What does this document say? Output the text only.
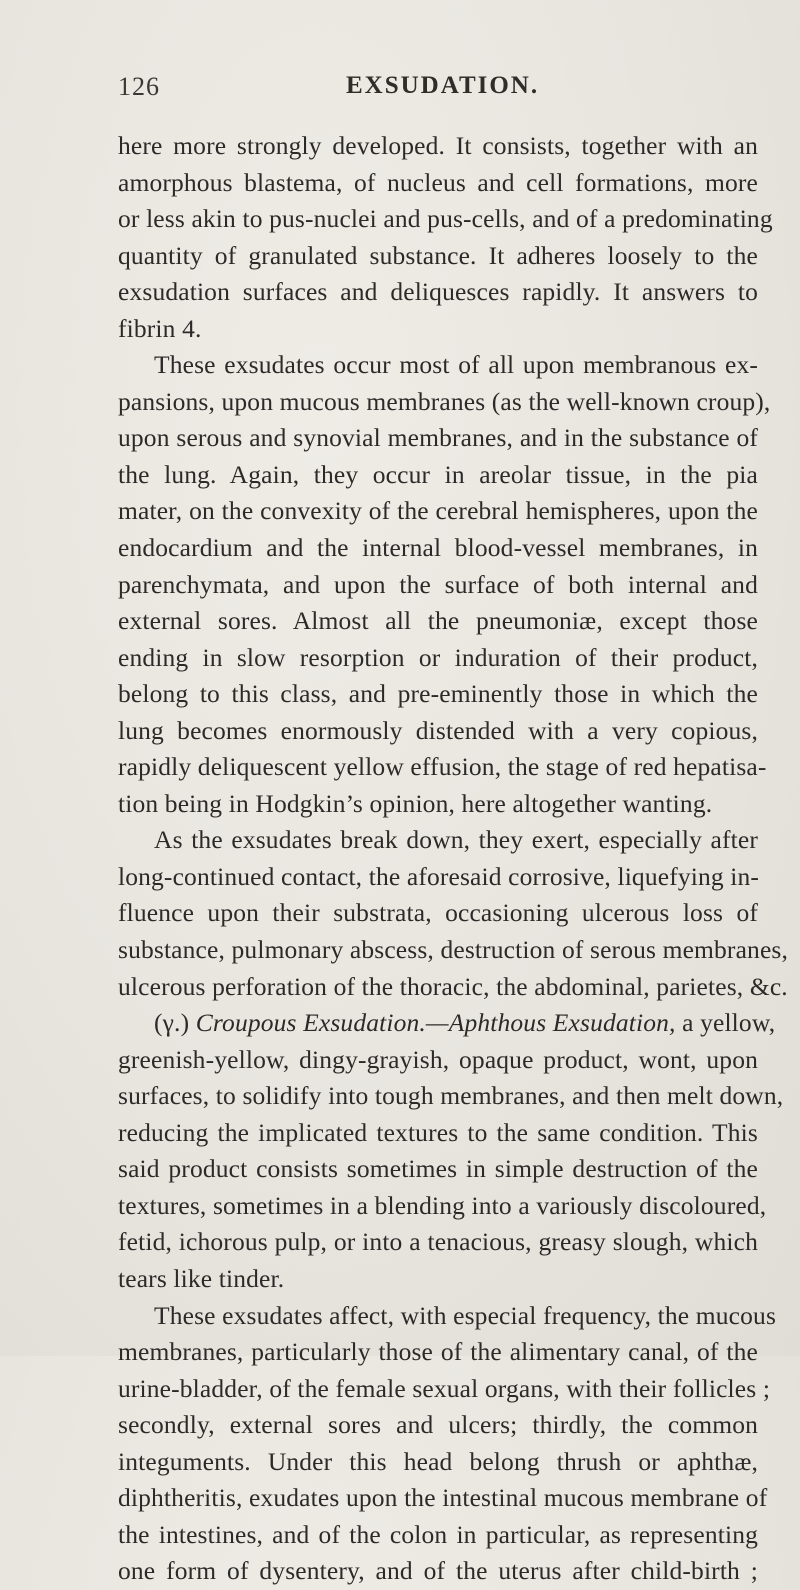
126	EXSUDATION.
here more strongly developed. It consists, together with an
amorphous blastema, of nucleus and cell formations, more
or less akin to pus-nuclei and pus-cells, and of a predominating
quantity of granulated substance. It adheres loosely to the
exsudation surfaces and deliquesces rapidly. It answers to
fibrin 4.
These exsudates occur most of all upon membranous ex-
pansions, upon mucous membranes (as the well-known croup),
upon serous and synovial membranes, and in the substance of
the lung. Again, they occur in areolar tissue, in the pia
mater, on the convexity of the cerebral hemispheres, upon the
endocardium and the internal blood-vessel membranes, in
parenchymata, and upon the surface of both internal and
external sores. Almost all the pneumoniæ, except those
ending in slow resorption or induration of their product,
belong to this class, and pre-eminently those in which the
lung becomes enormously distended with a very copious,
rapidly deliquescent yellow effusion, the stage of red hepatisa-
tion being in Hodgkin’s opinion, here altogether wanting.
As the exsudates break down, they exert, especially after
long-continued contact, the aforesaid corrosive, liquefying in-
fluence upon their substrata, occasioning ulcerous loss of
substance, pulmonary abscess, destruction of serous membranes,
ulcerous perforation of the thoracic, the abdominal, parietes, &c.
(γ.) Croupous Exsudation.—Aphthous Exsudation, a yellow,
greenish-yellow, dingy-grayish, opaque product, wont, upon
surfaces, to solidify into tough membranes, and then melt down,
reducing the implicated textures to the same condition. This
said product consists sometimes in simple destruction of the
textures, sometimes in a blending into a variously discoloured,
fetid, ichorous pulp, or into a tenacious, greasy slough, which
tears like tinder.
These exsudates affect, with especial frequency, the mucous
membranes, particularly those of the alimentary canal, of the
urine-bladder, of the female sexual organs, with their follicles ;
secondly, external sores and ulcers; thirdly, the common
integuments. Under this head belong thrush or aphthæ,
diphtheritis, exudates upon the intestinal mucous membrane of
the intestines, and of the colon in particular, as representing
one form of dysentery, and of the uterus after child-birth ;
